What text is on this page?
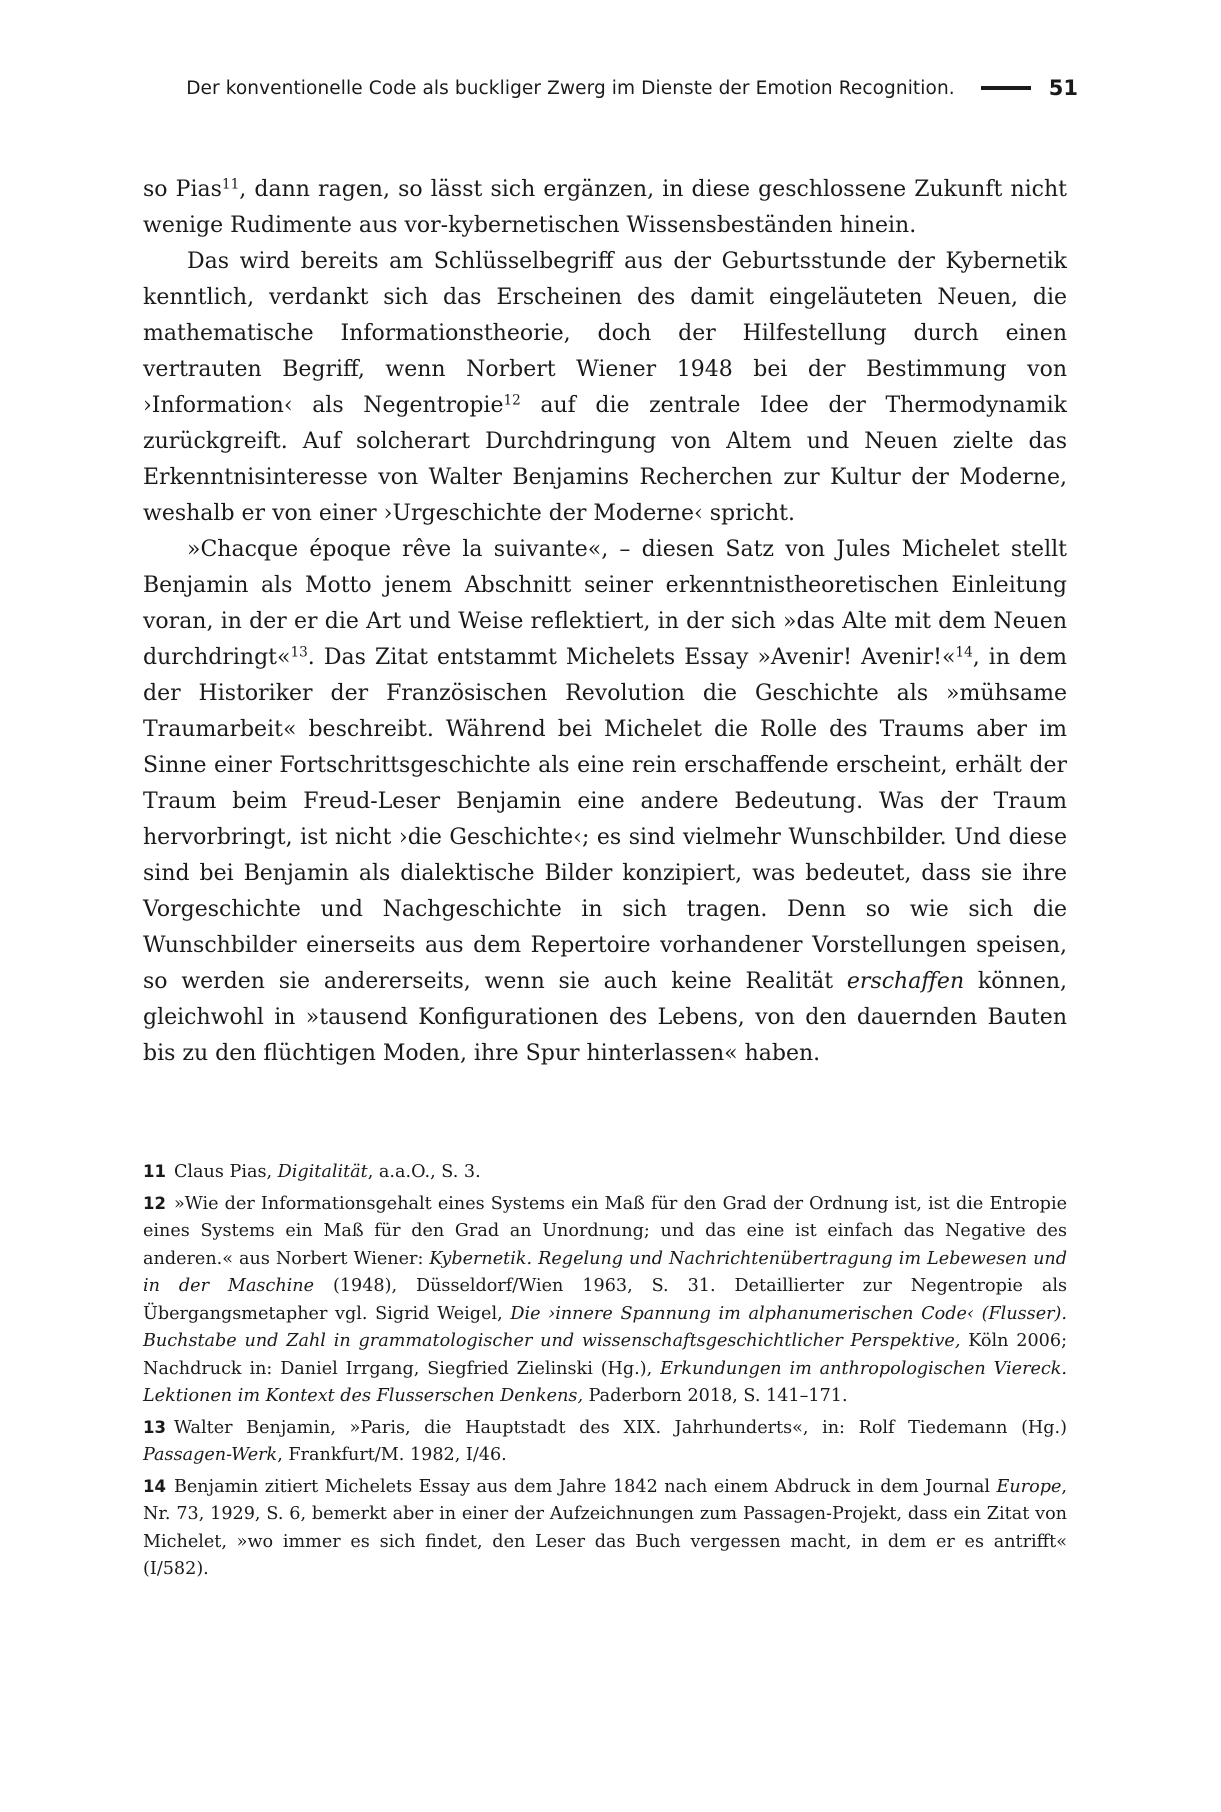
Der konventionelle Code als buckliger Zwerg im Dienste der Emotion Recognition.	51

so Pias$^{11}$, dann ragen, so lässt sich ergänzen, in diese geschlossene Zukunft nicht wenige Rudimente aus vor-kybernetischen Wissensbeständen hinein.

Das wird bereits am Schlüsselbegriff aus der Geburtsstunde der Kybernetik kenntlich, verdankt sich das Erscheinen des damit eingeläuteten Neuen, die mathematische Informationstheorie, doch der Hilfestellung durch einen vertrauten Begriff, wenn Norbert Wiener 1948 bei der Bestimmung von ›Information‹ als Negentropie$^{12}$ auf die zentrale Idee der Thermodynamik zurückgreift. Auf solcherart Durchdringung von Altem und Neuen zielte das Erkenntnisinteresse von Walter Benjamins Recherchen zur Kultur der Moderne, weshalb er von einer ›Urgeschichte der Moderne‹ spricht.

»Chacque époque rêve la suivante«, – diesen Satz von Jules Michelet stellt Benjamin als Motto jenem Abschnitt seiner erkenntnistheoretischen Einleitung voran, in der er die Art und Weise reflektiert, in der sich »das Alte mit dem Neuen durchdringt«$^{13}$. Das Zitat entstammt Michelets Essay »Avenir! Avenir!«$^{14}$, in dem der Historiker der Französischen Revolution die Geschichte als »mühsame Traumarbeit« beschreibt. Während bei Michelet die Rolle des Traums aber im Sinne einer Fortschrittsgeschichte als eine rein erschaffende erscheint, erhält der Traum beim Freud-Leser Benjamin eine andere Bedeutung. Was der Traum hervorbringt, ist nicht ›die Geschichte‹; es sind vielmehr Wunschbilder. Und diese sind bei Benjamin als dialektische Bilder konzipiert, was bedeutet, dass sie ihre Vorgeschichte und Nachgeschichte in sich tragen. Denn so wie sich die Wunschbilder einerseits aus dem Repertoire vorhandener Vorstellungen speisen, so werden sie andererseits, wenn sie auch keine Realität erschaffen können, gleichwohl in »tausend Konfigurationen des Lebens, von den dauernden Bauten bis zu den flüchtigen Moden, ihre Spur hinterlassen« haben.

11 Claus Pias, Digitalität, a.a.O., S. 3.

12 »Wie der Informationsgehalt eines Systems ein Maß für den Grad der Ordnung ist, ist die Entropie eines Systems ein Maß für den Grad an Unordnung; und das eine ist einfach das Negative des anderen.« aus Norbert Wiener: Kybernetik. Regelung und Nachrichtenübertragung im Lebewesen und in der Maschine (1948), Düsseldorf/Wien 1963, S. 31. Detaillierter zur Negentropie als Übergangsmetapher vgl. Sigrid Weigel, Die ›innere Spannung im alphanumerischen Code‹ (Flusser). Buchstabe und Zahl in grammatologischer und wissenschaftsgeschichtlicher Perspektive, Köln 2006; Nachdruck in: Daniel Irrgang, Siegfried Zielinski (Hg.), Erkundungen im anthropologischen Viereck. Lektionen im Kontext des Flusserschen Denkens, Paderborn 2018, S. 141–171.

13 Walter Benjamin, »Paris, die Hauptstadt des XIX. Jahrhunderts«, in: Rolf Tiedemann (Hg.) Passagen-Werk, Frankfurt/M. 1982, I/46.

14 Benjamin zitiert Michelets Essay aus dem Jahre 1842 nach einem Abdruck in dem Journal Europe, Nr. 73, 1929, S. 6, bemerkt aber in einer der Aufzeichnungen zum Passagen-Projekt, dass ein Zitat von Michelet, »wo immer es sich findet, den Leser das Buch vergessen macht, in dem er es antrifft« (I/582).
